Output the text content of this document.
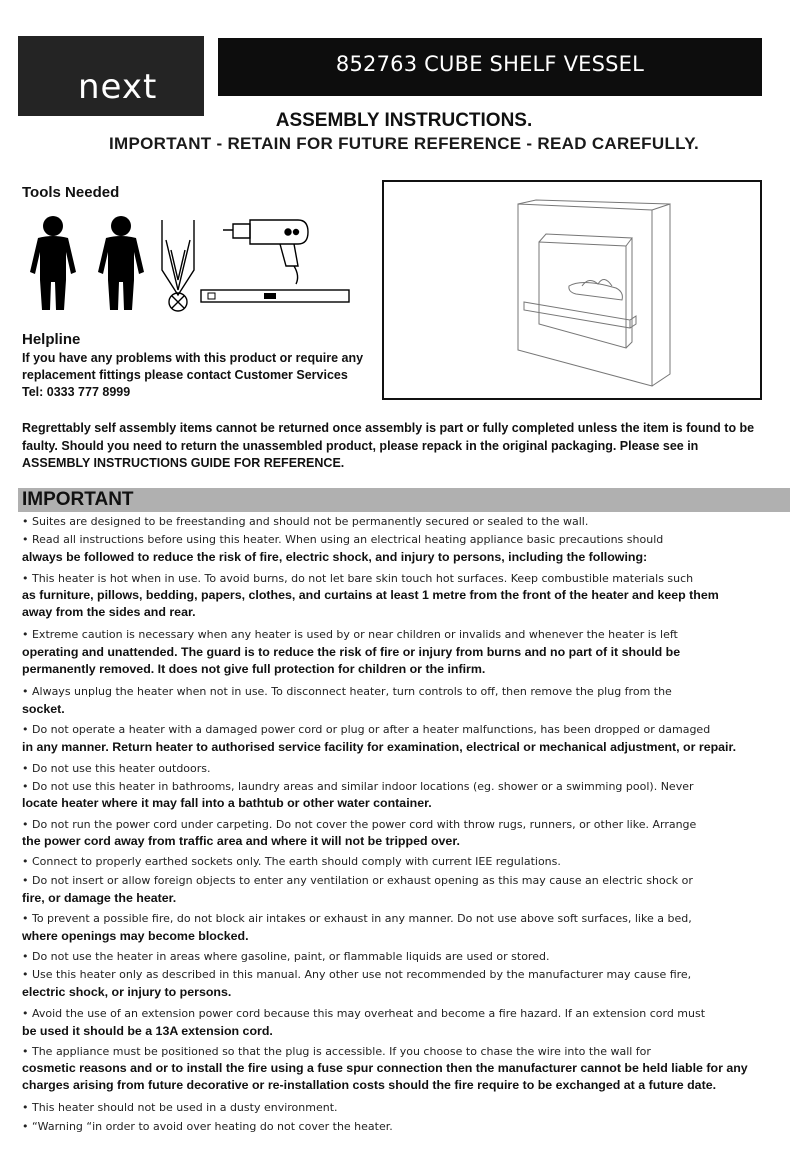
next
852763 CUBE SHELF VESSEL
ASSEMBLY INSTRUCTIONS.
IMPORTANT - RETAIN FOR FUTURE REFERENCE - READ CAREFULLY.
Tools Needed
Helpline
If you have any problems with this product or require any
replacement fittings please contact Customer Services
Tel: 0333 777 8999
Regrettably self assembly items cannot be returned once assembly is part or fully completed unless the item is found to be
faulty. Should you need to return the unassembled product, please repack in the original packaging. Please see in
ASSEMBLY INSTRUCTIONS GUIDE FOR REFERENCE.
IMPORTANT
• Suites are designed to be freestanding and should not be permanently secured or sealed to the wall.
• Read all instructions before using this heater. When using an electrical heating appliance basic precautions should
always be followed to reduce the risk of fire, electric shock, and injury to persons, including the following:
• This heater is hot when in use. To avoid burns, do not let bare skin touch hot surfaces. Keep combustible materials such
as furniture, pillows, bedding, papers, clothes, and curtains at least 1 metre from the front of the heater and keep them
away from the sides and rear.
• Extreme caution is necessary when any heater is used by or near children or invalids and whenever the heater is left
operating and unattended. The guard is to reduce the risk of fire or injury from burns and no part of it should be
permanently removed. It does not give full protection for children or the infirm.
• Always unplug the heater when not in use. To disconnect heater, turn controls to off, then remove the plug from the
socket.
• Do not operate a heater with a damaged power cord or plug or after a heater malfunctions, has been dropped or damaged
in any manner. Return heater to authorised service facility for examination, electrical or mechanical adjustment, or repair.
• Do not use this heater outdoors.
• Do not use this heater in bathrooms, laundry areas and similar indoor locations (eg. shower or a swimming pool). Never
locate heater where it may fall into a bathtub or other water container.
• Do not run the power cord under carpeting. Do not cover the power cord with throw rugs, runners, or other like. Arrange
the power cord away from traffic area and where it will not be tripped over.
• Connect to properly earthed sockets only. The earth should comply with current IEE regulations.
• Do not insert or allow foreign objects to enter any ventilation or exhaust opening as this may cause an electric shock or
fire, or damage the heater.
• To prevent a possible fire, do not block air intakes or exhaust in any manner. Do not use above soft surfaces, like a bed,
where openings may become blocked.
• Do not use the heater in areas where gasoline, paint, or flammable liquids are used or stored.
• Use this heater only as described in this manual. Any other use not recommended by the manufacturer may cause fire,
electric shock, or injury to persons.
• Avoid the use of an extension power cord because this may overheat and become a fire hazard. If an extension cord must
be used it should be a 13A extension cord.
• The appliance must be positioned so that the plug is accessible. If you choose to chase the wire into the wall for
cosmetic reasons and or to install the fire using a fuse spur connection then the manufacturer cannot be held liable for any
charges arising from future decorative or re-installation costs should the fire require to be exchanged at a future date.
• This heater should not be used in a dusty environment.
• “Warning “in order to avoid over heating do not cover the heater.
